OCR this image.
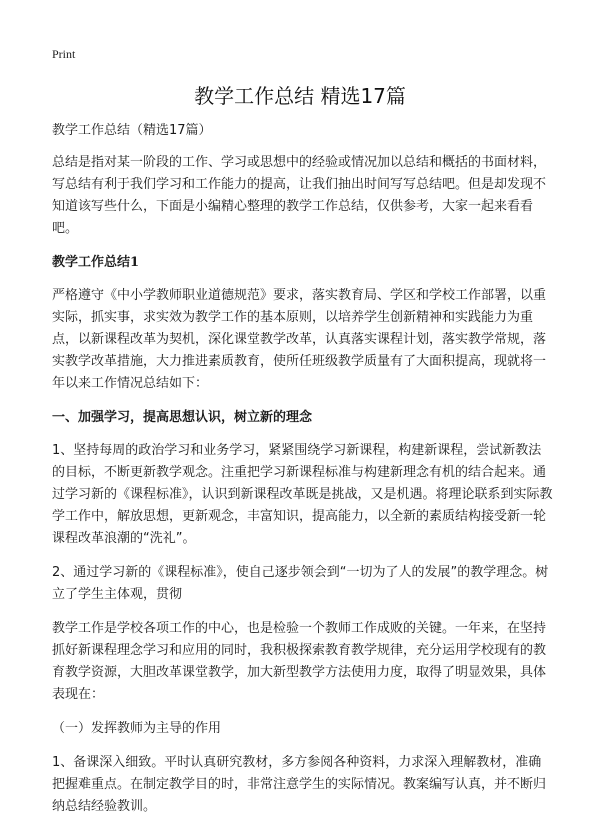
Print
教学工作总结 精选17篇

教学工作总结（精选17篇）

总结是指对某一阶段的工作、学习或思想中的经验或情况加以总结和概括的书面材料，写总结有利于我们学习和工作能力的提高，让我们抽出时间写写总结吧。但是却发现不知道该写些什么，下面是小编精心整理的教学工作总结，仅供参考，大家一起来看看吧。

教学工作总结1

严格遵守《中小学教师职业道德规范》要求，落实教育局、学区和学校工作部署，以重实际，抓实事，求实效为教学工作的基本原则，以培养学生创新精神和实践能力为重点，以新课程改革为契机，深化课堂教学改革，认真落实课程计划，落实教学常规，落实教学改革措施，大力推进素质教育，使所任班级教学质量有了大面积提高，现就将一年以来工作情况总结如下：

一、加强学习，提高思想认识，树立新的理念

1、坚持每周的政治学习和业务学习，紧紧围绕学习新课程，构建新课程，尝试新教法的目标，不断更新教学观念。注重把学习新课程标准与构建新理念有机的结合起来。通过学习新的《课程标准》，认识到新课程改革既是挑战，又是机遇。将理论联系到实际教学工作中，解放思想，更新观念，丰富知识，提高能力，以全新的素质结构接受新一轮课程改革浪潮的“洗礼”。

2、通过学习新的《课程标准》，使自己逐步领会到“一切为了人的发展”的教学理念。树立了学生主体观，贯彻

教学工作是学校各项工作的中心，也是检验一个教师工作成败的关键。一年来，在坚持抓好新课程理念学习和应用的同时，我积极探索教育教学规律，充分运用学校现有的教育教学资源，大胆改革课堂教学，加大新型教学方法使用力度，取得了明显效果，具体表现在：

（一）发挥教师为主导的作用

1、备课深入细致。平时认真研究教材，多方参阅各种资料，力求深入理解教材，准确把握难重点。在制定教学目的时，非常注意学生的实际情况。教案编写认真，并不断归纳总结经验教训。
